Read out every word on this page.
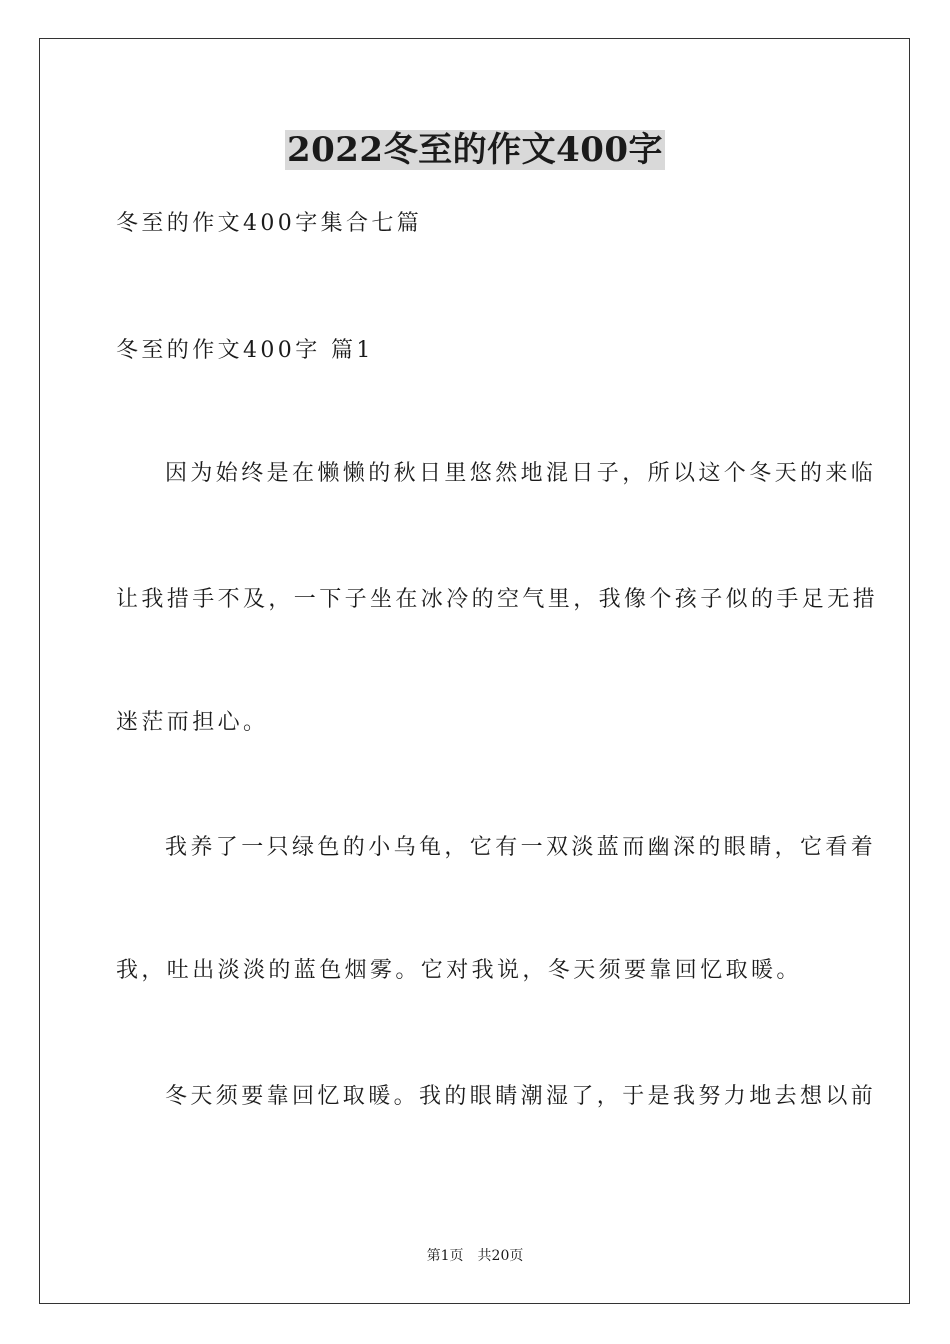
2022冬至的作文400字
冬至的作文400字集合七篇
冬至的作文400字 篇1
因为始终是在懒懒的秋日里悠然地混日子，所以这个冬天的来临
让我措手不及，一下子坐在冰冷的空气里，我像个孩子似的手足无措
迷茫而担心。
我养了一只绿色的小乌龟，它有一双淡蓝而幽深的眼睛，它看着
我，吐出淡淡的蓝色烟雾。它对我说，冬天须要靠回忆取暖。
冬天须要靠回忆取暖。我的眼睛潮湿了，于是我努力地去想以前
第1页 共20页
